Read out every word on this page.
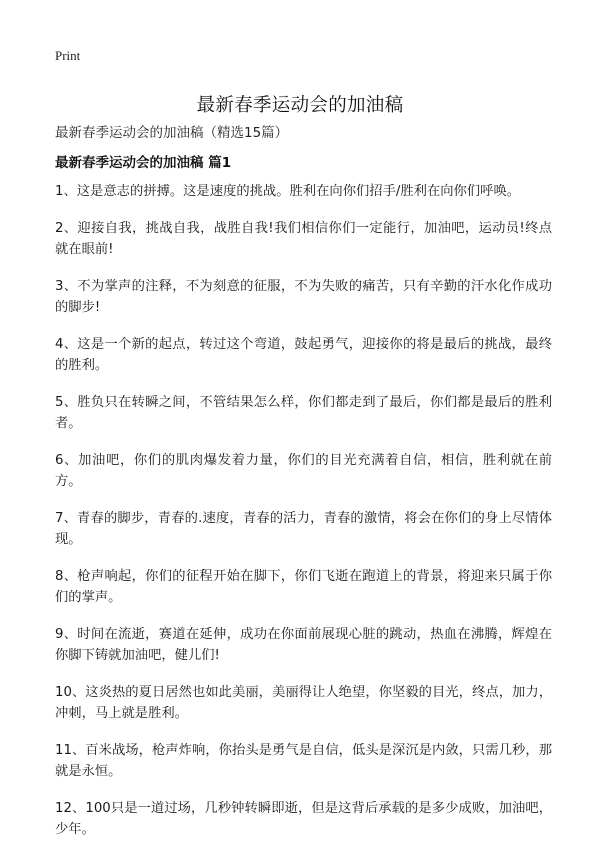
Print
最新春季运动会的加油稿
最新春季运动会的加油稿（精选15篇）
最新春季运动会的加油稿 篇1
1、这是意志的拼搏。这是速度的挑战。胜利在向你们招手/胜利在向你们呼唤。
2、迎接自我，挑战自我，战胜自我!我们相信你们一定能行，加油吧，运动员!终点就在眼前!
3、不为掌声的注释，不为刻意的征服，不为失败的痛苦，只有辛勤的汗水化作成功的脚步!
4、这是一个新的起点，转过这个弯道，鼓起勇气，迎接你的将是最后的挑战，最终的胜利。
5、胜负只在转瞬之间，不管结果怎么样，你们都走到了最后，你们都是最后的胜利者。
6、加油吧，你们的肌肉爆发着力量，你们的目光充满着自信，相信，胜利就在前方。
7、青春的脚步，青春的.速度，青春的活力，青春的激情，将会在你们的身上尽情体现。
8、枪声响起，你们的征程开始在脚下，你们飞逝在跑道上的背景，将迎来只属于你们的掌声。
9、时间在流逝，赛道在延伸，成功在你面前展现心脏的跳动，热血在沸腾，辉煌在你脚下铸就加油吧，健儿们!
10、这炎热的夏日居然也如此美丽，美丽得让人绝望，你坚毅的目光，终点，加力，冲刺，马上就是胜利。
11、百米战场，枪声炸响，你抬头是勇气是自信，低头是深沉是内敛，只需几秒，那就是永恒。
12、100只是一道过场，几秒钟转瞬即逝，但是这背后承载的是多少成败，加油吧，少年。
